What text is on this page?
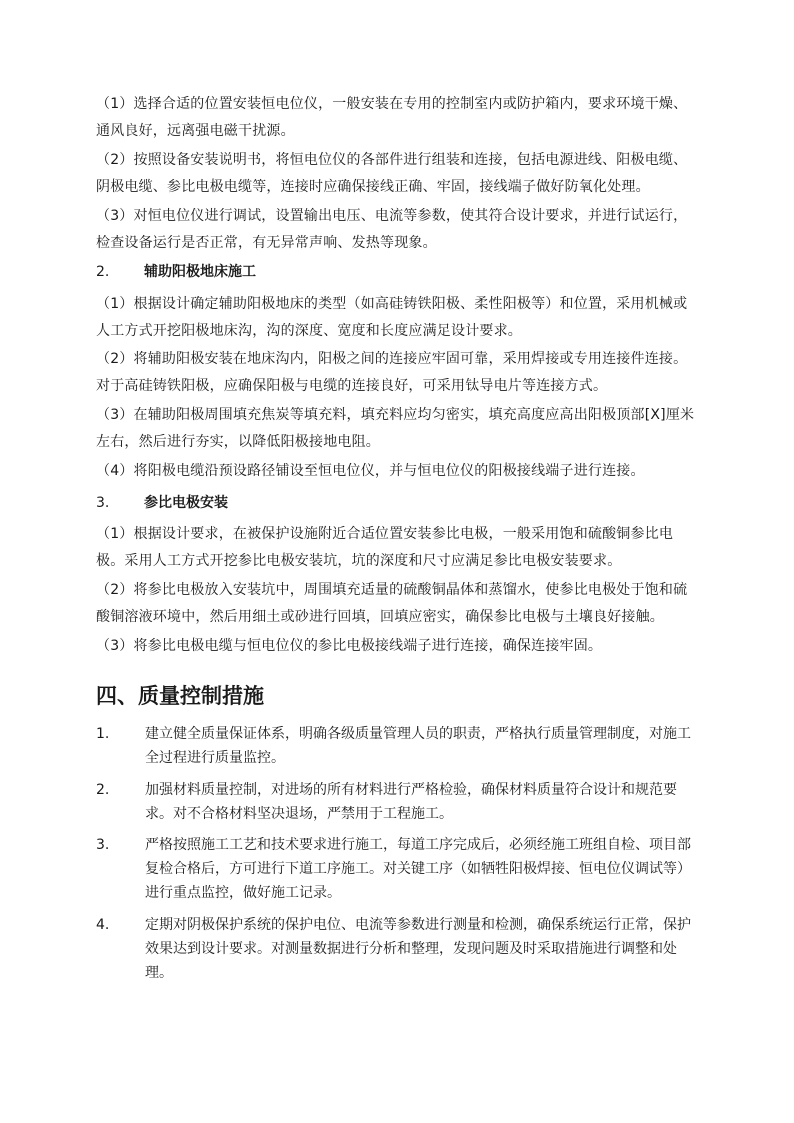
（1）选择合适的位置安装恒电位仪，一般安装在专用的控制室内或防护箱内，要求环境干燥、通风良好，远离强电磁干扰源。

（2）按照设备安装说明书，将恒电位仪的各部件进行组装和连接，包括电源进线、阳极电缆、阴极电缆、参比电极电缆等，连接时应确保接线正确、牢固，接线端子做好防氧化处理。

（3）对恒电位仪进行调试，设置输出电压、电流等参数，使其符合设计要求，并进行试运行，检查设备运行是否正常，有无异常声响、发热等现象。

2. 辅助阳极地床施工

（1）根据设计确定辅助阳极地床的类型（如高硅铸铁阳极、柔性阳极等）和位置，采用机械或人工方式开挖阳极地床沟，沟的深度、宽度和长度应满足设计要求。

（2）将辅助阳极安装在地床沟内，阳极之间的连接应牢固可靠，采用焊接或专用连接件连接。对于高硅铸铁阳极，应确保阳极与电缆的连接良好，可采用钛导电片等连接方式。

（3）在辅助阳极周围填充焦炭等填充料，填充料应均匀密实，填充高度应高出阳极顶部[X]厘米左右，然后进行夯实，以降低阳极接地电阻。

（4）将阳极电缆沿预设路径铺设至恒电位仪，并与恒电位仪的阳极接线端子进行连接。

3. 参比电极安装

（1）根据设计要求，在被保护设施附近合适位置安装参比电极，一般采用饱和硫酸铜参比电极。采用人工方式开挖参比电极安装坑，坑的深度和尺寸应满足参比电极安装要求。

（2）将参比电极放入安装坑中，周围填充适量的硫酸铜晶体和蒸馏水，使参比电极处于饱和硫酸铜溶液环境中，然后用细土或砂进行回填，回填应密实，确保参比电极与土壤良好接触。

（3）将参比电极电缆与恒电位仪的参比电极接线端子进行连接，确保连接牢固。

四、质量控制措施
1.	建立健全质量保证体系，明确各级质量管理人员的职责，严格执行质量管理制度，对施工全过程进行质量监控。
2.	加强材料质量控制，对进场的所有材料进行严格检验，确保材料质量符合设计和规范要求。对不合格材料坚决退场，严禁用于工程施工。
3.	严格按照施工工艺和技术要求进行施工，每道工序完成后，必须经施工班组自检、项目部复检合格后，方可进行下道工序施工。对关键工序（如牺牲阳极焊接、恒电位仪调试等）进行重点监控，做好施工记录。
4.	定期对阴极保护系统的保护电位、电流等参数进行测量和检测，确保系统运行正常，保护效果达到设计要求。对测量数据进行分析和整理，发现问题及时采取措施进行调整和处理。
